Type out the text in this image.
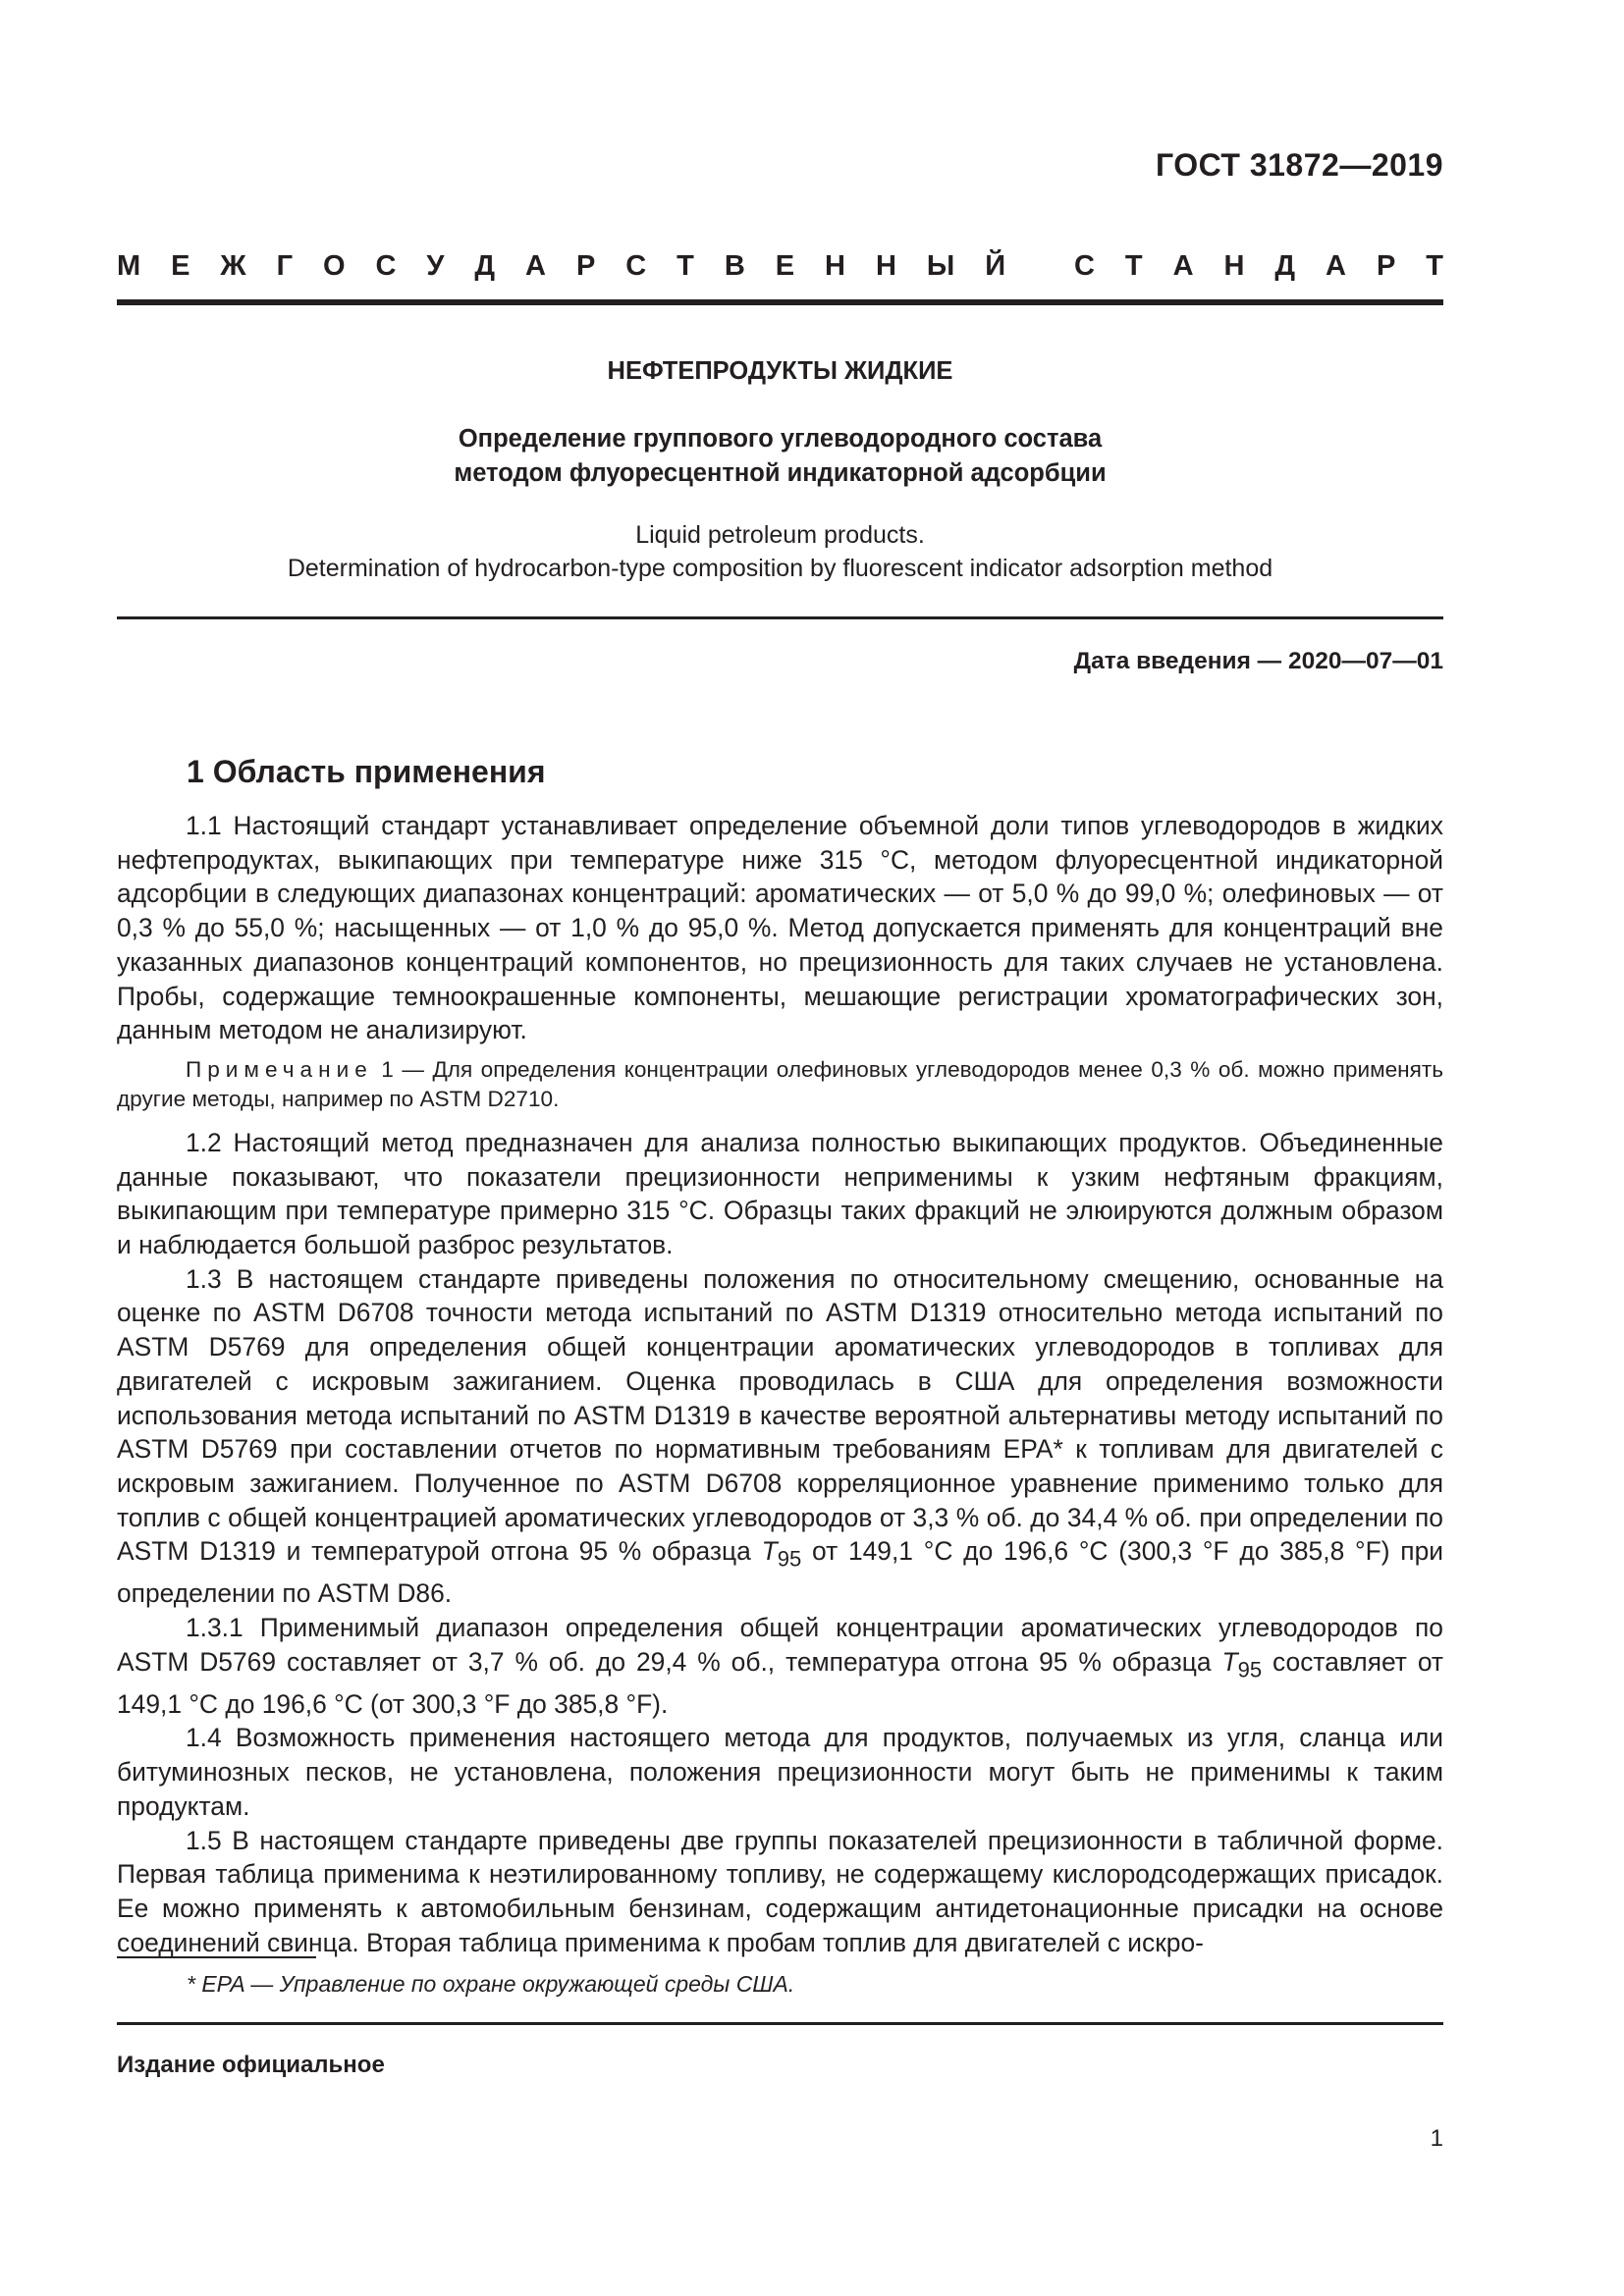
ГОСТ 31872—2019
М Е Ж Г О С У Д А Р С Т В Е Н Н Ы Й
С Т А Н Д А Р Т
НЕФТЕПРОДУКТЫ ЖИДКИЕ
Определение группового углеводородного состава
методом флуоресцентной индикаторной адсорбции
Liquid petroleum products.
Determination of hydrocarbon-type composition by fluorescent indicator adsorption method
Дата введения — 2020—07—01
1 Область применения

1.1 Настоящий стандарт устанавливает определение объемной доли типов углеводородов в жидких нефтепродуктах, выкипающих при температуре ниже 315 °С, методом флуоресцентной индикаторной адсорбции в следующих диапазонах концентраций: ароматических — от 5,0 % до 99,0 %; олефиновых — от 0,3 % до 55,0 %; насыщенных — от 1,0 % до 95,0 %. Метод допускается применять для концентраций вне указанных диапазонов концентраций компонентов, но прецизионность для таких случаев не установлена. Пробы, содержащие темноокрашенные компоненты, мешающие регистрации хроматографических зон, данным методом не анализируют.

Примечание 1 — Для определения концентрации олефиновых углеводородов менее 0,3 % об. можно применять другие методы, например по ASTM D2710.

1.2 Настоящий метод предназначен для анализа полностью выкипающих продуктов. Объединенные данные показывают, что показатели прецизионности неприменимы к узким нефтяным фракциям, выкипающим при температуре примерно 315 °С. Образцы таких фракций не элюируются должным образом и наблюдается большой разброс результатов.

1.3 В настоящем стандарте приведены положения по относительному смещению, основанные на оценке по ASTM D6708 точности метода испытаний по ASTM D1319 относительно метода испытаний по ASTM D5769 для определения общей концентрации ароматических углеводородов в топливах для двигателей с искровым зажиганием. Оценка проводилась в США для определения возможности использования метода испытаний по ASTM D1319 в качестве вероятной альтернативы методу испытаний по ASTM D5769 при составлении отчетов по нормативным требованиям EPA* к топливам для двигателей с искровым зажиганием. Полученное по ASTM D6708 корреляционное уравнение применимо только для топлив с общей концентрацией ароматических углеводородов от 3,3 % об. до 34,4 % об. при определении по ASTM D1319 и температурой отгона 95 % образца $T_{95}$ от 149,1 °С до 196,6 °С (300,3 °F до 385,8 °F) при определении по ASTM D86.

1.3.1 Применимый диапазон определения общей концентрации ароматических углеводородов по ASTM D5769 составляет от 3,7 % об. до 29,4 % об., температура отгона 95 % образца $T_{95}$ составляет от 149,1 °С до 196,6 °С (от 300,3 °F до 385,8 °F).

1.4 Возможность применения настоящего метода для продуктов, получаемых из угля, сланца или битуминозных песков, не установлена, положения прецизионности могут быть не применимы к таким продуктам.

1.5 В настоящем стандарте приведены две группы показателей прецизионности в табличной форме. Первая таблица применима к неэтилированному топливу, не содержащему кислородсодержащих присадок. Ее можно применять к автомобильным бензинам, содержащим антидетонационные присадки на основе соединений свинца. Вторая таблица применима к пробам топлив для двигателей с искро-

* EPA — Управление по охране окружающей среды США.
Издание официальное
1
